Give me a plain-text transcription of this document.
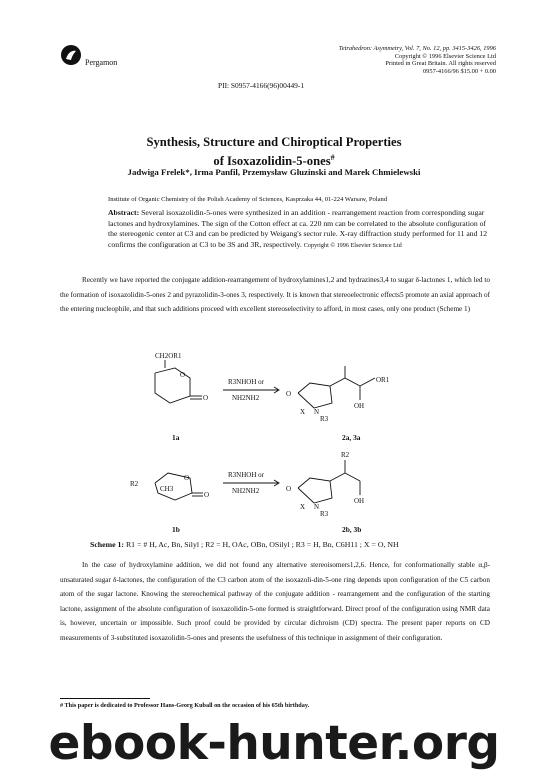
Pergamon
Tetrahedron: Asymmetry, Vol. 7, No. 12, pp. 3415-3426, 1996
Copyright © 1996 Elsevier Science Ltd
Printed in Great Britain. All rights reserved
0957-4166/96 $15.00 + 0.00
PII: S0957-4166(96)00449-1
Synthesis, Structure and Chiroptical Properties
of Isoxazolidin-5-ones#
Jadwiga Frelek*, Irma Panfil, Przemysław Gluzinski and Marek Chmielewski
Institute of Organic Chemistry of the Polish Academy of Sciences, Kasprzaka 44, 01-224 Warsaw, Poland
Abstract: Several isoxazolidin-5-ones were synthesized in an addition - rearrangement reaction from corresponding sugar lactones and hydroxylamines. The sign of the Cotton effect at ca. 220 nm can be correlated to the absolute configuration of the stereogenic center at C3 and can be predicted by Weigang's sector rule. X-ray diffraction study performed for 11 and 12 confirms the configuration at C3 to be 3S and 3R, respectively. Copyright © 1996 Elsevier Science Ltd
Recently we have reported the conjugate addition-rearrangement of hydroxylamines1,2 and hydrazines3,4 to sugar δ-lactones 1, which led to the formation of isoxazolidin-5-ones 2 and pyrazolidin-3-ones 3, respectively. It is known that stereoelectronic effects5 promote an axial approach of the entering nucleophile, and that such additions proceed with excellent stereoselectivity to afford, in most cases, only one product (Scheme 1)
CH2OR1
O
O
1a
R3NHOH or
NH2NH2	O
X N
R3
OR1
OH
2a, 3a
R2
CH3
O
O
1b
R3NHOH or
NH2NH2
R2
O
X N
R3
OH
2b, 3b
Scheme 1: R1 = # H, Ac, Bn, Silyl ; R2 = H, OAc, OBn, OSilyl ; R3 = H, Bn, C6H11 ; X = O, NH
In the case of hydroxylamine addition, we did not found any alternative stereoisomers1,2,6. Hence, for conformationally stable α,β-unsaturated sugar δ-lactones, the configuration of the C3 carbon atom of the isoxazoli-din-5-one ring depends upon configuration of the C5 carbon atom of the sugar lactone. Knowing the stereochemical pathway of the conjugate addition - rearrangement and the configuration of the starting lactone, assignment of the absolute configuration of isoxazolidin-5-one formed is straightforward. Direct proof of the configuration using NMR data is, however, uncertain or impossible. Such proof could be provided by circular dichroism (CD) spectra. The present paper reports on CD measurements of 3-substituted isoxazolidin-5-ones and presents the usefulness of this technique in assignment of their configuration.
# This paper is dedicated to Professor Hans-Georg Kuball on the occasion of his 65th birthday.
ebook-hunter.org
